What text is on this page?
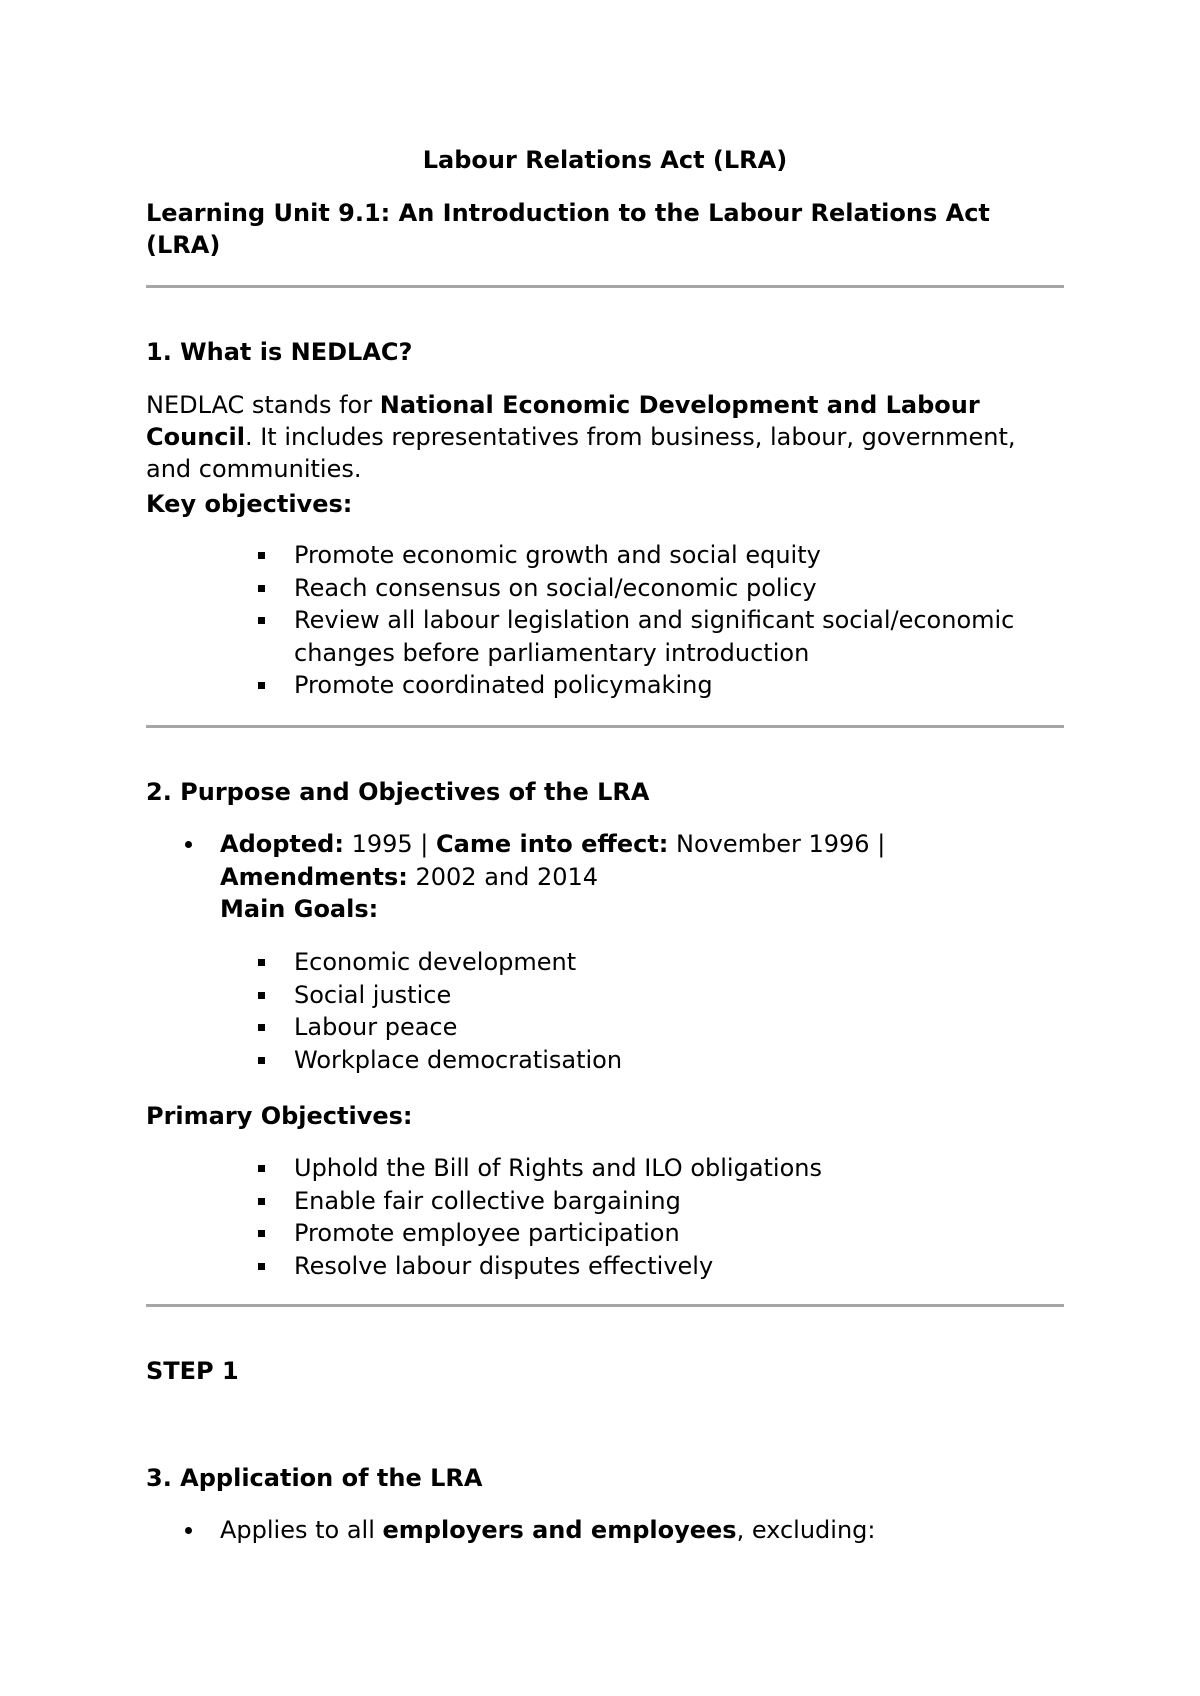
Labour Relations Act (LRA)
Learning Unit 9.1: An Introduction to the Labour Relations Act (LRA)
1. What is NEDLAC?
NEDLAC stands for National Economic Development and Labour Council. It includes representatives from business, labour, government, and communities.
Key objectives:
Promote economic growth and social equity
Reach consensus on social/economic policy
Review all labour legislation and significant social/economic changes before parliamentary introduction
Promote coordinated policymaking
2. Purpose and Objectives of the LRA
Adopted: 1995 | Came into effect: November 1996 |
Amendments: 2002 and 2014
Main Goals:
Economic development
Social justice
Labour peace
Workplace democratisation
Primary Objectives:
Uphold the Bill of Rights and ILO obligations
Enable fair collective bargaining
Promote employee participation
Resolve labour disputes effectively
STEP 1
3. Application of the LRA
Applies to all employers and employees, excluding:
